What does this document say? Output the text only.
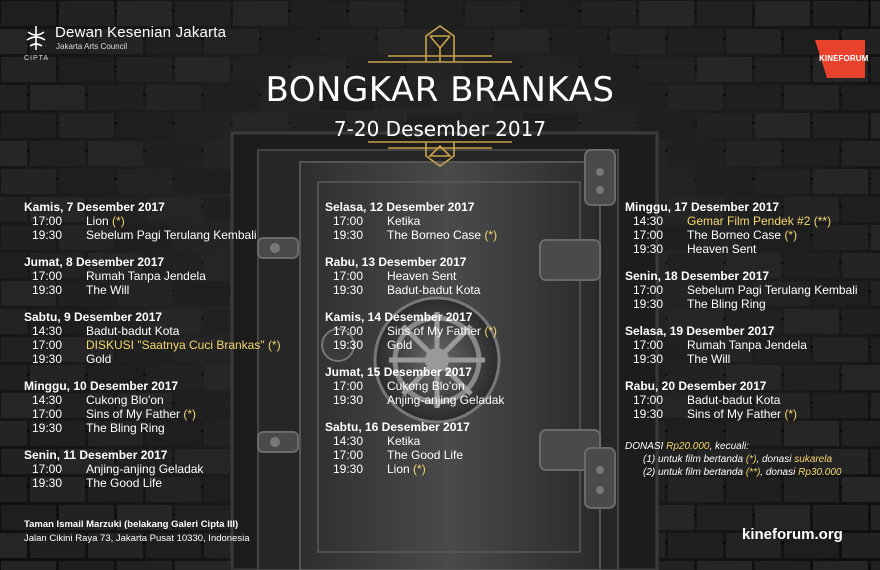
CIPTA
Dewan Kesenian Jakarta
Jakarta Arts Council
KINEFORUM
BONGKAR BRANKAS
7-20 Desember 2017
Kamis, 7 Desember 2017
17:00 Lion (*)
19:30 Sebelum Pagi Terulang Kembali
Jumat, 8 Desember 2017
17:00 Rumah Tanpa Jendela
19:30 The Will
Sabtu, 9 Desember 2017
14:30 Badut-badut Kota
17:00 DISKUSI "Saatnya Cuci Brankas" (*)
19:30 Gold
Minggu, 10 Desember 2017
14:30 Cukong Blo'on
17:00 Sins of My Father (*)
19:30 The Bling Ring
Senin, 11 Desember 2017
17:00 Anjing-anjing Geladak
19:30 The Good Life
Selasa, 12 Desember 2017
17:00 Ketika
19:30 The Borneo Case (*)
Rabu, 13 Desember 2017
17:00 Heaven Sent
19:30 Badut-badut Kota
Kamis, 14 Desember 2017
17:00 Sins of My Father (*)
19:30 Gold
Jumat, 15 Desember 2017
17:00 Cukong Blo'on
19:30 Anjing-anjing Geladak
Sabtu, 16 Desember 2017
14:30 Ketika
17:00 The Good Life
19:30 Lion (*)
Minggu, 17 Desember 2017
14:30 Gemar Film Pendek #2 (**)
17:00 The Borneo Case (*)
19:30 Heaven Sent
Senin, 18 Desember 2017
17:00 Sebelum Pagi Terulang Kembali
19:30 The Bling Ring
Selasa, 19 Desember 2017
17:00 Rumah Tanpa Jendela
19:30 The Will
Rabu, 20 Desember 2017
17:00 Badut-badut Kota
19:30 Sins of My Father (*)
DONASI Rp20.000, kecuali:
(1) untuk film bertanda (*), donasi sukarela
(2) untuk film bertanda (**), donasi Rp30.000
Taman Ismail Marzuki (belakang Galeri Cipta III)
Jalan Cikini Raya 73, Jakarta Pusat 10330, Indonesia	kineforum.org
